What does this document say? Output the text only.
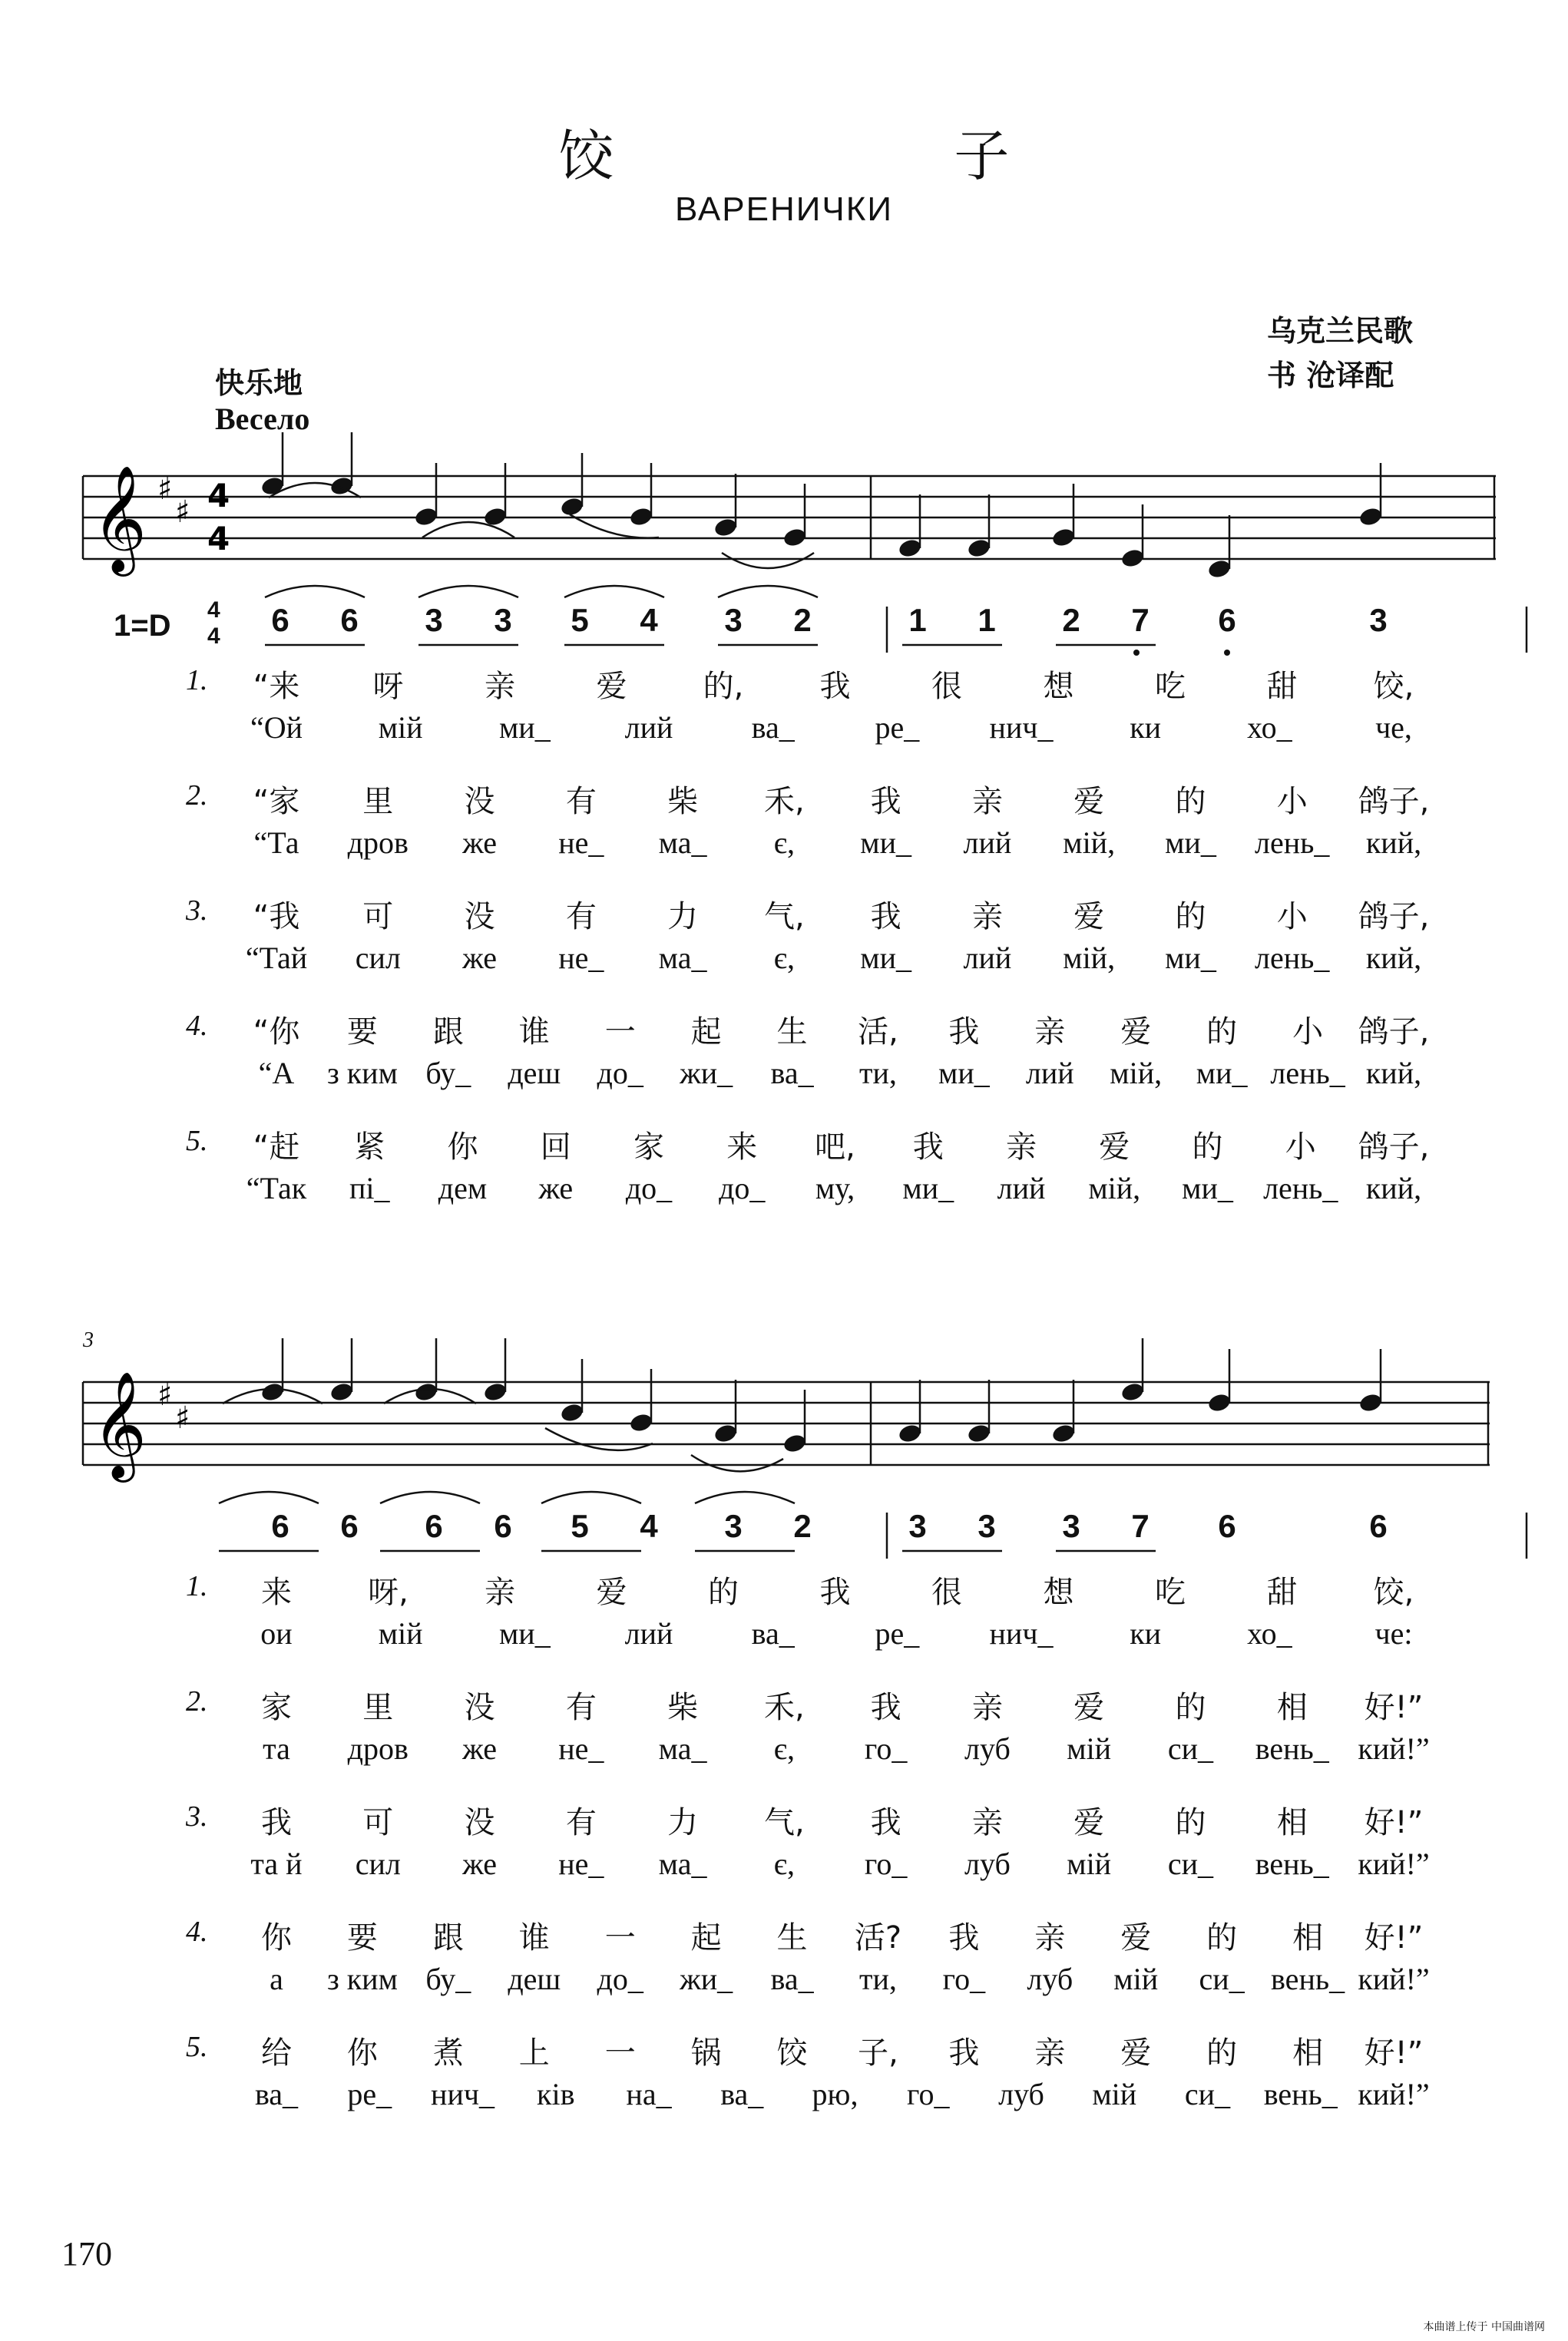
饺 子
ВАРЕНИЧКИ
乌克兰民歌
书 沧译配
快乐地
Весело
𝄞
𝄞
♯
♯
♯
♯
4
4
1=D 4
4
3
6 6 3 3 5 4 3 2	1 1 2 7 6	3
1. “来 呀	亲	爱 的, 我	很	想	吃	甜 饺,
“Ой мій ми_ лий	ва_	ре_ нич_ ки	хо_	че,
2. “家 里 没 有 柴 禾, 我 亲 爱 的 小 鸽子,
“Та дров же не_ ма_ є, ми_ лий мій, ми_ лень_ кий,
3. “我 可 没 有 力 气, 我 亲 爱 的 小 鸽子,
“Тай сил же не_ ма_ є, ми_ лий мій, ми_ лень_ кий,
4. “你 要 跟 谁 一 起 生 活, 我 亲 爱 的 小 鸽子,
“А з ким бу_ деш до_ жи_ ва_ ти, ми_ лий мій, ми_ лень_ кий,
5. “赶 紧 你 回 家 来 吧, 我 亲 爱 的 小 鸽子,
“Так пі_ дем же до_ до_ му, ми_ лий мій, ми_ лень_ кий,
6 6 6 6 5 4 3 2	3 3 3 7 6	6
1. 来 呀, 亲	爱	的	我	很	想	吃	甜 饺,
ои	мій ми_ лий	ва_	ре_ нич_ ки	хо_	че:
2. 家 里 没 有 柴 禾, 我 亲 爱 的 相 好!”
та дров же не_ ма_ є, го_ луб мій си_ вень_ кий!”
3. 我 可 没 有 力 气, 我 亲 爱 的 相 好!”
та й сил же не_ ма_ є, го_ луб мій си_ вень_ кий!”
4. 你 要 跟 谁 一 起 生 活? 我 亲 爱 的 相 好!”
а з ким бу_ деш до_ жи_ ва_ ти, го_ луб мій си_ вень_ кий!”
5. 给 你 煮 上 一 锅 饺 子, 我 亲 爱 的 相 好!”
ва_ ре_ нич_ ків на_ ва_ рю, го_ луб мій си_ вень_ кий!”
170
本曲谱上传于 中国曲谱网
